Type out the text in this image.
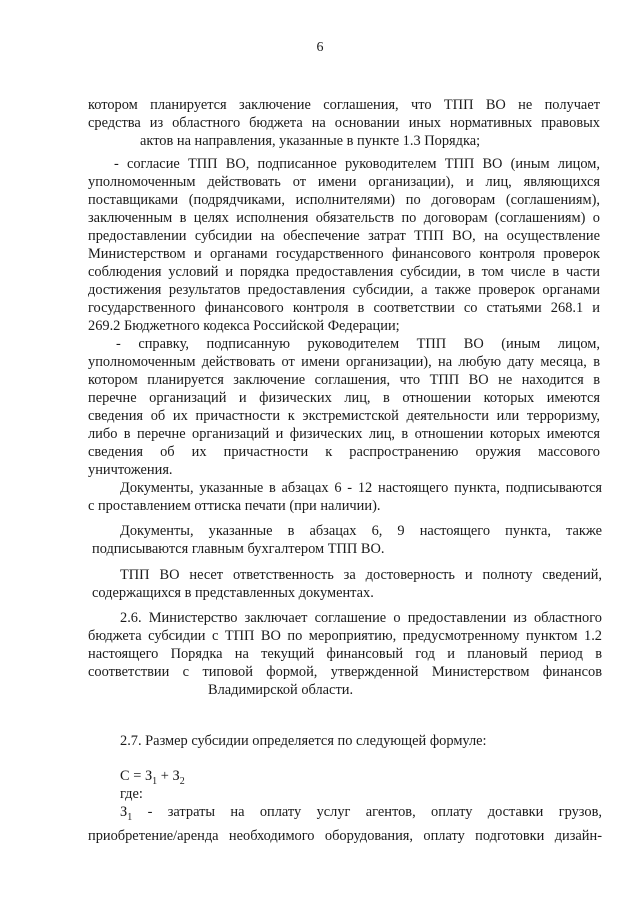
6
котором планируется заключение соглашения, что ТПП ВО не получает
средства из областного бюджета на основании иных нормативных правовых
актов на направления, указанные в пункте 1.3 Порядка;
- согласие ТПП ВО, подписанное руководителем ТПП ВО (иным лицом,
уполномоченным действовать от имени организации), и лиц, являющихся
поставщиками (подрядчиками, исполнителями) по договорам (соглашениям),
заключенным в целях исполнения обязательств по договорам (соглашениям) о
предоставлении субсидии на обеспечение затрат ТПП ВО, на осуществление
Министерством и органами государственного финансового контроля проверок
соблюдения условий и порядка предоставления субсидии, в том числе в части
достижения результатов предоставления субсидии, а также проверок органами
государственного финансового контроля в соответствии со статьями 268.1 и
269.2 Бюджетного кодекса Российской Федерации;
- справку, подписанную руководителем ТПП ВО (иным лицом,
уполномоченным действовать от имени организации), на любую дату месяца, в
котором планируется заключение соглашения, что ТПП ВО не находится в
перечне организаций и физических лиц, в отношении которых имеются
сведения об их причастности к экстремистской деятельности или терроризму,
либо в перечне организаций и физических лиц, в отношении которых имеются
сведения об их причастности к распространению оружия массового
уничтожения.
Документы, указанные в абзацах 6 - 12 настоящего пункта, подписываются
с проставлением оттиска печати (при наличии).
Документы, указанные в абзацах 6, 9 настоящего пункта, также
подписываются главным бухгалтером ТПП ВО.
ТПП ВО несет ответственность за достоверность и полноту сведений,
содержащихся в представленных документах.
2.6. Министерство заключает соглашение о предоставлении из областного
бюджета субсидии с ТПП ВО по мероприятию, предусмотренному пунктом 1.2
настоящего Порядка на текущий финансовый год и плановый период в
соответствии с типовой формой, утвержденной Министерством финансов
Владимирской области.
2.7. Размер субсидии определяется по следующей формуле:
$С = З_1 + З_2$
где:
$З_1$ - затраты на оплату услуг агентов, оплату доставки грузов,
приобретение/аренда необходимого оборудования, оплату подготовки дизайн-
